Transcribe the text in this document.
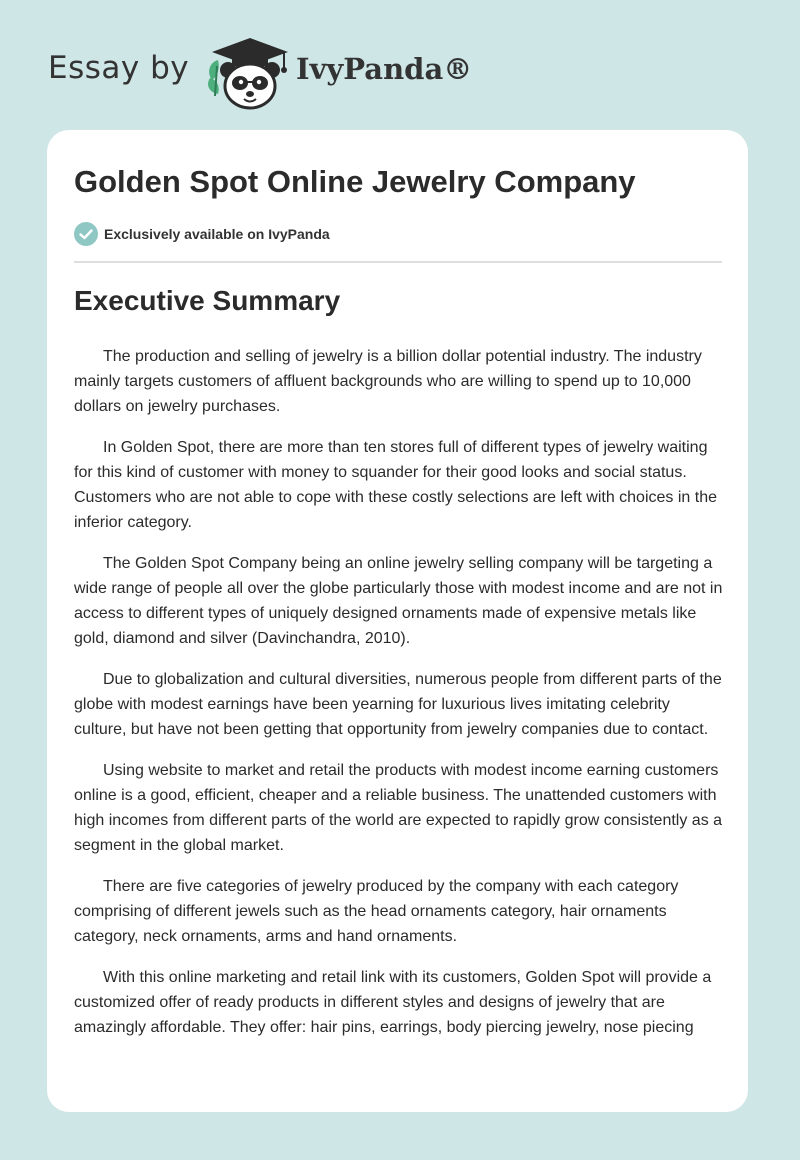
Essay by	IvyPanda®
Golden Spot Online Jewelry Company
Exclusively available on IvyPanda
Executive Summary

The production and selling of jewelry is a billion dollar potential industry. The industry mainly targets customers of affluent backgrounds who are willing to spend up to 10,000 dollars on jewelry purchases.

In Golden Spot, there are more than ten stores full of different types of jewelry waiting for this kind of customer with money to squander for their good looks and social status. Customers who are not able to cope with these costly selections are left with choices in the inferior category.

The Golden Spot Company being an online jewelry selling company will be targeting a wide range of people all over the globe particularly those with modest income and are not in access to different types of uniquely designed ornaments made of expensive metals like gold, diamond and silver (Davinchandra, 2010).

Due to globalization and cultural diversities, numerous people from different parts of the globe with modest earnings have been yearning for luxurious lives imitating celebrity culture, but have not been getting that opportunity from jewelry companies due to contact.

Using website to market and retail the products with modest income earning customers online is a good, efficient, cheaper and a reliable business. The unattended customers with high incomes from different parts of the world are expected to rapidly grow consistently as a segment in the global market.

There are five categories of jewelry produced by the company with each category comprising of different jewels such as the head ornaments category, hair ornaments category, neck ornaments, arms and hand ornaments.

With this online marketing and retail link with its customers, Golden Spot will provide a customized offer of ready products in different styles and designs of jewelry that are amazingly affordable. They offer: hair pins, earrings, body piercing jewelry, nose piecing
